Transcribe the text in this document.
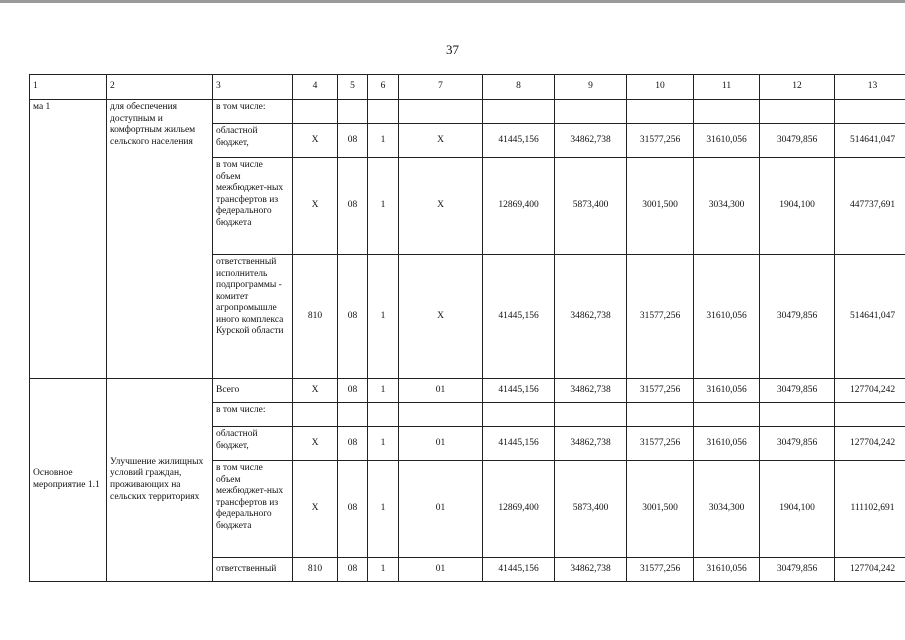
37
1	2	3	4	5	6	7	8	9	10	11	12	13
ма 1	для обеспечения доступным и комфортным жильем сельского населения	в том числе:										
		областной бюджет,	Х	08	1	Х	41445,156	34862,738	31577,256	31610,056	30479,856	514641,047
		в том числе объем межбюджет-ных трансфертов из федерального бюджета	Х	08	1	Х	12869,400	5873,400	3001,500	3034,300	1904,100	447737,691
		ответственный исполнитель подпрограммы - комитет агропромышле иного комплекса Курской области	810	08	1	Х	41445,156	34862,738	31577,256	31610,056	30479,856	514641,047
Основное мероприятие 1.1	Улучшение жилищных условий граждан, проживающих на сельских территориях	Всего	Х	08	1	01	41445,156	34862,738	31577,256	31610,056	30479,856	127704,242
		в том числе:										
		областной бюджет,	Х	08	1	01	41445,156	34862,738	31577,256	31610,056	30479,856	127704,242
		в том числе объем межбюджет-ных трансфертов из федерального бюджета	Х	08	1	01	12869,400	5873,400	3001,500	3034,300	1904,100	111102,691
		ответственный	810	08	1	01	41445,156	34862,738	31577,256	31610,056	30479,856	127704,242
